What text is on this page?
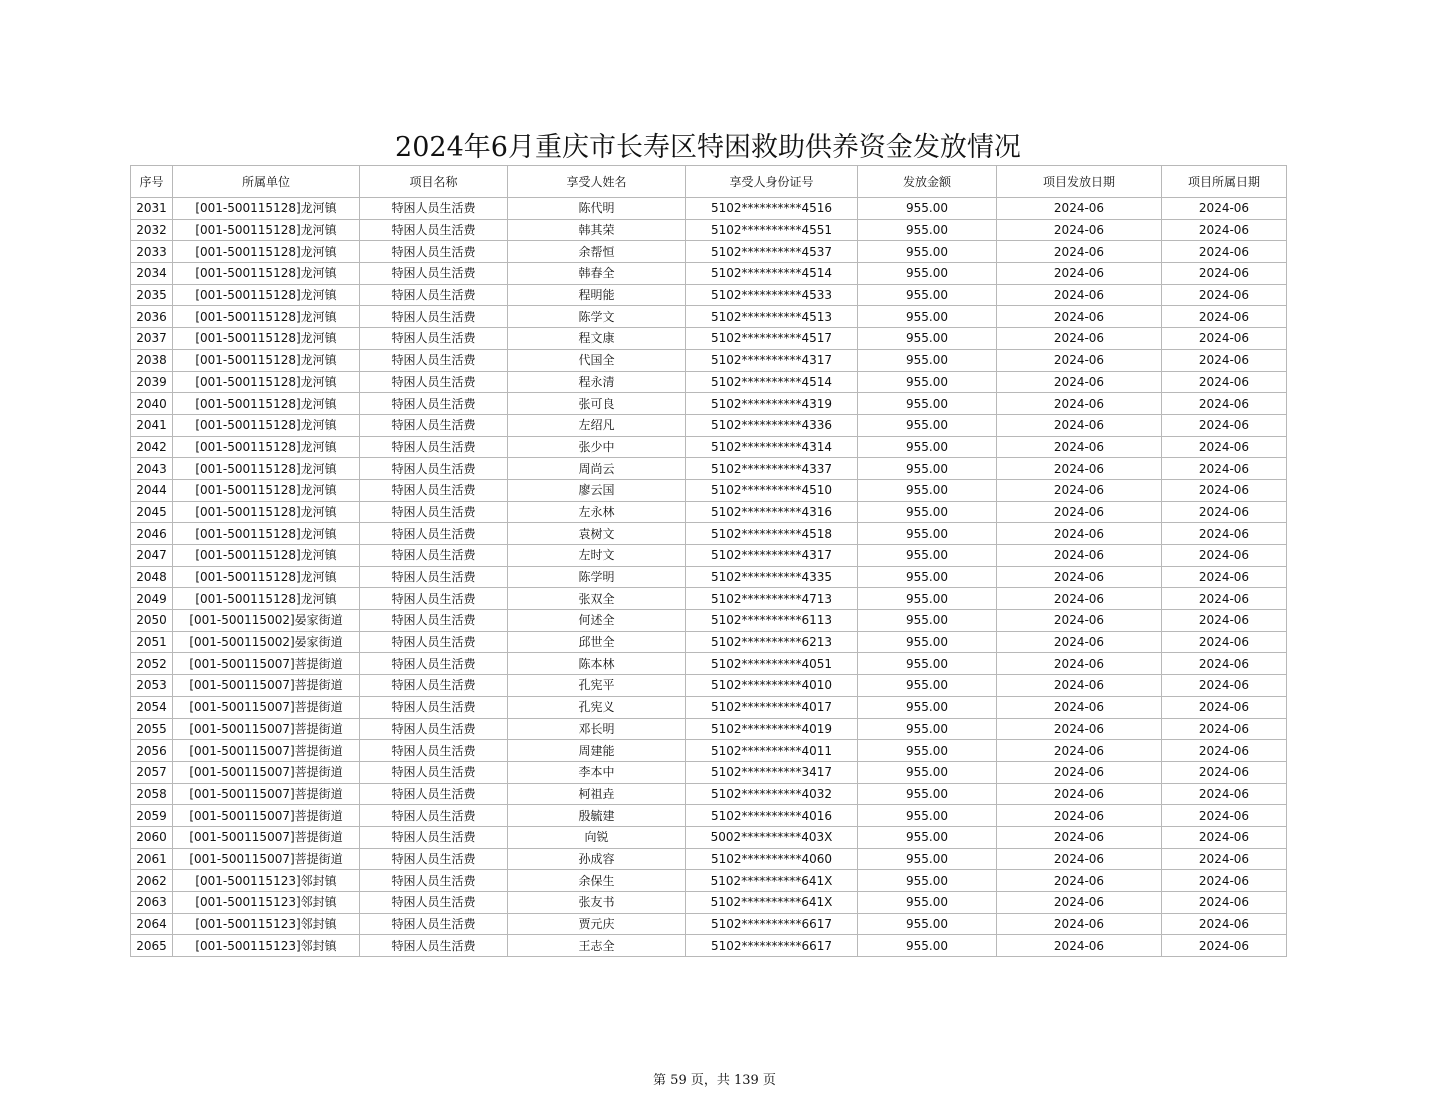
2024年6月重庆市长寿区特困救助供养资金发放情况
序号	所属单位	项目名称	享受人姓名	享受人身份证号	发放金额	项目发放日期	项目所属日期
2031	[001-500115128]龙河镇	特困人员生活费	陈代明	5102**********4516	955.00	2024-06	2024-06
2032	[001-500115128]龙河镇	特困人员生活费	韩其荣	5102**********4551	955.00	2024-06	2024-06
2033	[001-500115128]龙河镇	特困人员生活费	余帮恒	5102**********4537	955.00	2024-06	2024-06
2034	[001-500115128]龙河镇	特困人员生活费	韩春全	5102**********4514	955.00	2024-06	2024-06
2035	[001-500115128]龙河镇	特困人员生活费	程明能	5102**********4533	955.00	2024-06	2024-06
2036	[001-500115128]龙河镇	特困人员生活费	陈学文	5102**********4513	955.00	2024-06	2024-06
2037	[001-500115128]龙河镇	特困人员生活费	程文康	5102**********4517	955.00	2024-06	2024-06
2038	[001-500115128]龙河镇	特困人员生活费	代国全	5102**********4317	955.00	2024-06	2024-06
2039	[001-500115128]龙河镇	特困人员生活费	程永清	5102**********4514	955.00	2024-06	2024-06
2040	[001-500115128]龙河镇	特困人员生活费	张可良	5102**********4319	955.00	2024-06	2024-06
2041	[001-500115128]龙河镇	特困人员生活费	左绍凡	5102**********4336	955.00	2024-06	2024-06
2042	[001-500115128]龙河镇	特困人员生活费	张少中	5102**********4314	955.00	2024-06	2024-06
2043	[001-500115128]龙河镇	特困人员生活费	周尚云	5102**********4337	955.00	2024-06	2024-06
2044	[001-500115128]龙河镇	特困人员生活费	廖云国	5102**********4510	955.00	2024-06	2024-06
2045	[001-500115128]龙河镇	特困人员生活费	左永林	5102**********4316	955.00	2024-06	2024-06
2046	[001-500115128]龙河镇	特困人员生活费	袁树文	5102**********4518	955.00	2024-06	2024-06
2047	[001-500115128]龙河镇	特困人员生活费	左时文	5102**********4317	955.00	2024-06	2024-06
2048	[001-500115128]龙河镇	特困人员生活费	陈学明	5102**********4335	955.00	2024-06	2024-06
2049	[001-500115128]龙河镇	特困人员生活费	张双全	5102**********4713	955.00	2024-06	2024-06
2050	[001-500115002]晏家街道	特困人员生活费	何述全	5102**********6113	955.00	2024-06	2024-06
2051	[001-500115002]晏家街道	特困人员生活费	邱世全	5102**********6213	955.00	2024-06	2024-06
2052	[001-500115007]菩提街道	特困人员生活费	陈本林	5102**********4051	955.00	2024-06	2024-06
2053	[001-500115007]菩提街道	特困人员生活费	孔宪平	5102**********4010	955.00	2024-06	2024-06
2054	[001-500115007]菩提街道	特困人员生活费	孔宪义	5102**********4017	955.00	2024-06	2024-06
2055	[001-500115007]菩提街道	特困人员生活费	邓长明	5102**********4019	955.00	2024-06	2024-06
2056	[001-500115007]菩提街道	特困人员生活费	周建能	5102**********4011	955.00	2024-06	2024-06
2057	[001-500115007]菩提街道	特困人员生活费	李本中	5102**********3417	955.00	2024-06	2024-06
2058	[001-500115007]菩提街道	特困人员生活费	柯祖垚	5102**********4032	955.00	2024-06	2024-06
2059	[001-500115007]菩提街道	特困人员生活费	殷毓建	5102**********4016	955.00	2024-06	2024-06
2060	[001-500115007]菩提街道	特困人员生活费	向锐	5002**********403X	955.00	2024-06	2024-06
2061	[001-500115007]菩提街道	特困人员生活费	孙成容	5102**********4060	955.00	2024-06	2024-06
2062	[001-500115123]邻封镇	特困人员生活费	余保生	5102**********641X	955.00	2024-06	2024-06
2063	[001-500115123]邻封镇	特困人员生活费	张友书	5102**********641X	955.00	2024-06	2024-06
2064	[001-500115123]邻封镇	特困人员生活费	贾元庆	5102**********6617	955.00	2024-06	2024-06
2065	[001-500115123]邻封镇	特困人员生活费	王志全	5102**********6617	955.00	2024-06	2024-06
第 59 页，共 139 页
